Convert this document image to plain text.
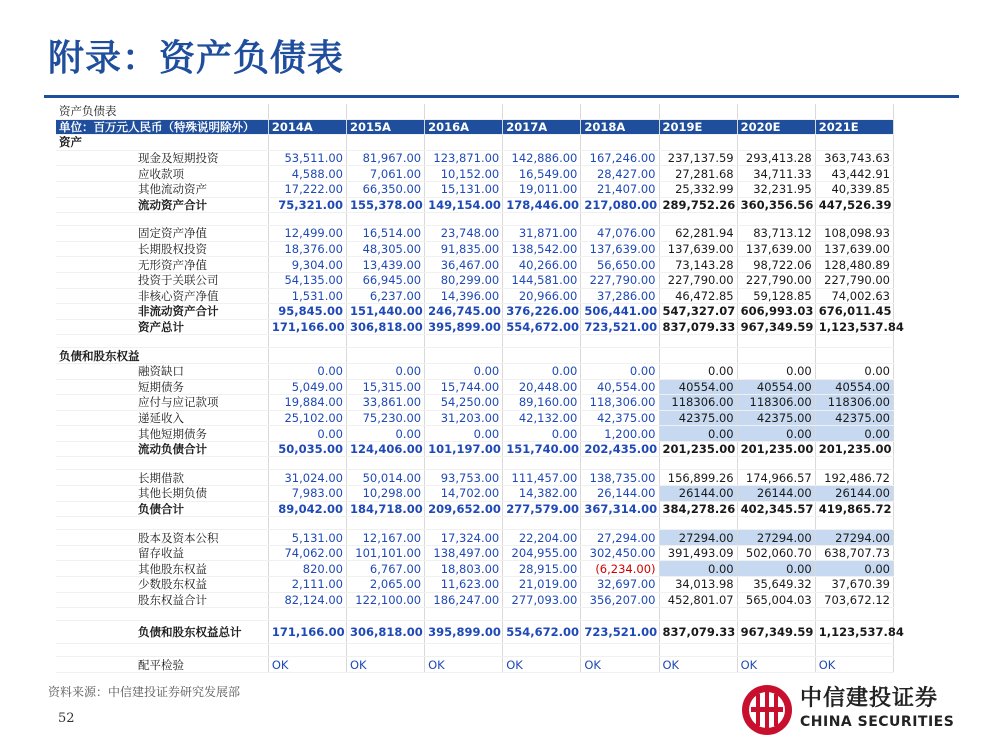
附录：资产负债表
资产负债表								
单位：百万元人民币（特殊说明除外）	2014A	2015A	2016A	2017A	2018A	2019E	2020E	2021E
资产								
现金及短期投资	53,511.00	81,967.00	123,871.00	142,886.00	167,246.00	237,137.59	293,413.28	363,743.63
应收款项	4,588.00	7,061.00	10,152.00	16,549.00	28,427.00	27,281.68	34,711.33	43,442.91
其他流动资产	17,222.00	66,350.00	15,131.00	19,011.00	21,407.00	25,332.99	32,231.95	40,339.85
流动资产合计	75,321.00	155,378.00	149,154.00	178,446.00	217,080.00	289,752.26	360,356.56	447,526.39

固定资产净值	12,499.00	16,514.00	23,748.00	31,871.00	47,076.00	62,281.94	83,713.12	108,098.93
长期股权投资	18,376.00	48,305.00	91,835.00	138,542.00	137,639.00	137,639.00	137,639.00	137,639.00
无形资产净值	9,304.00	13,439.00	36,467.00	40,266.00	56,650.00	73,143.28	98,722.06	128,480.89
投资于关联公司	54,135.00	66,945.00	80,299.00	144,581.00	227,790.00	227,790.00	227,790.00	227,790.00
非核心资产净值	1,531.00	6,237.00	14,396.00	20,966.00	37,286.00	46,472.85	59,128.85	74,002.63
非流动资产合计	95,845.00	151,440.00	246,745.00	376,226.00	506,441.00	547,327.07	606,993.03	676,011.45
资产总计	171,166.00	306,818.00	395,899.00	554,672.00	723,521.00	837,079.33	967,349.59	1,123,537.84

负债和股东权益								
融资缺口	0.00	0.00	0.00	0.00	0.00	0.00	0.00	0.00
短期债务	5,049.00	15,315.00	15,744.00	20,448.00	40,554.00	40554.00	40554.00	40554.00
应付与应记款项	19,884.00	33,861.00	54,250.00	89,160.00	118,306.00	118306.00	118306.00	118306.00
递延收入	25,102.00	75,230.00	31,203.00	42,132.00	42,375.00	42375.00	42375.00	42375.00
其他短期债务	0.00	0.00	0.00	0.00	1,200.00	0.00	0.00	0.00
流动负债合计	50,035.00	124,406.00	101,197.00	151,740.00	202,435.00	201,235.00	201,235.00	201,235.00

长期借款	31,024.00	50,014.00	93,753.00	111,457.00	138,735.00	156,899.26	174,966.57	192,486.72
其他长期负债	7,983.00	10,298.00	14,702.00	14,382.00	26,144.00	26144.00	26144.00	26144.00
负债合计	89,042.00	184,718.00	209,652.00	277,579.00	367,314.00	384,278.26	402,345.57	419,865.72

股本及资本公积	5,131.00	12,167.00	17,324.00	22,204.00	27,294.00	27294.00	27294.00	27294.00
留存收益	74,062.00	101,101.00	138,497.00	204,955.00	302,450.00	391,493.09	502,060.70	638,707.73
其他股东权益	820.00	6,767.00	18,803.00	28,915.00	(6,234.00)	0.00	0.00	0.00
少数股东权益	2,111.00	2,065.00	11,623.00	21,019.00	32,697.00	34,013.98	35,649.32	37,670.39
股东权益合计	82,124.00	122,100.00	186,247.00	277,093.00	356,207.00	452,801.07	565,004.03	703,672.12

负债和股东权益总计	171,166.00	306,818.00	395,899.00	554,672.00	723,521.00	837,079.33	967,349.59	1,123,537.84

配平检验	OK	OK	OK	OK	OK	OK	OK	OK
资料来源：中信建投证券研究发展部
52
中信建投证券
CHINA SECURITIES
